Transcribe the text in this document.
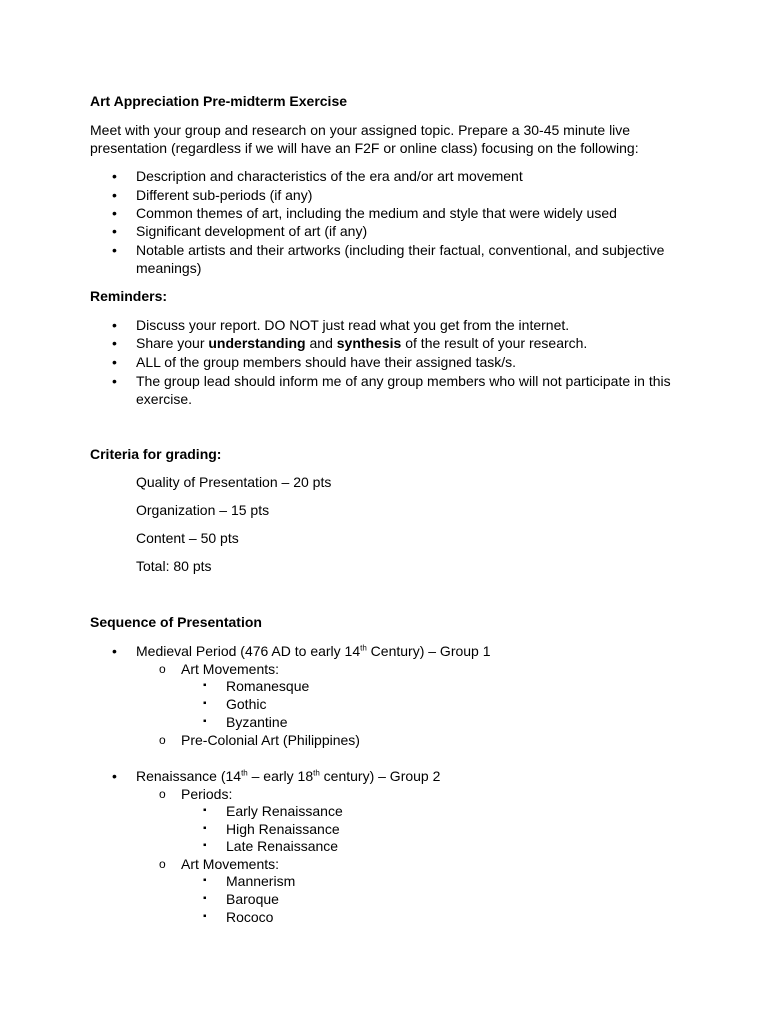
Art Appreciation Pre-midterm Exercise
Meet with your group and research on your assigned topic. Prepare a 30-45 minute live
presentation (regardless if we will have an F2F or online class) focusing on the following:
•
Description and characteristics of the era and/or art movement
•
Different sub-periods (if any)
•
Common themes of art, including the medium and style that were widely used
•
Significant development of art (if any)
•
Notable artists and their artworks (including their factual, conventional, and subjective
meanings)
Reminders:
•
Discuss your report. DO NOT just read what you get from the internet.
•
Share your understanding and synthesis of the result of your research.
•
ALL of the group members should have their assigned task/s.
•
The group lead should inform me of any group members who will not participate in this
exercise.
Criteria for grading:
Quality of Presentation – 20 pts
Organization – 15 pts
Content – 50 pts
Total: 80 pts
Sequence of Presentation
•
Medieval Period (476 AD to early 14th Century) – Group 1
o
Art Movements:
▪
Romanesque
▪
Gothic
▪
Byzantine
o
Pre-Colonial Art (Philippines)
•
Renaissance (14th – early 18th century) – Group 2
o
Periods:
▪
Early Renaissance
▪
High Renaissance
▪
Late Renaissance
o
Art Movements:
▪
Mannerism
▪
Baroque
▪
Rococo
